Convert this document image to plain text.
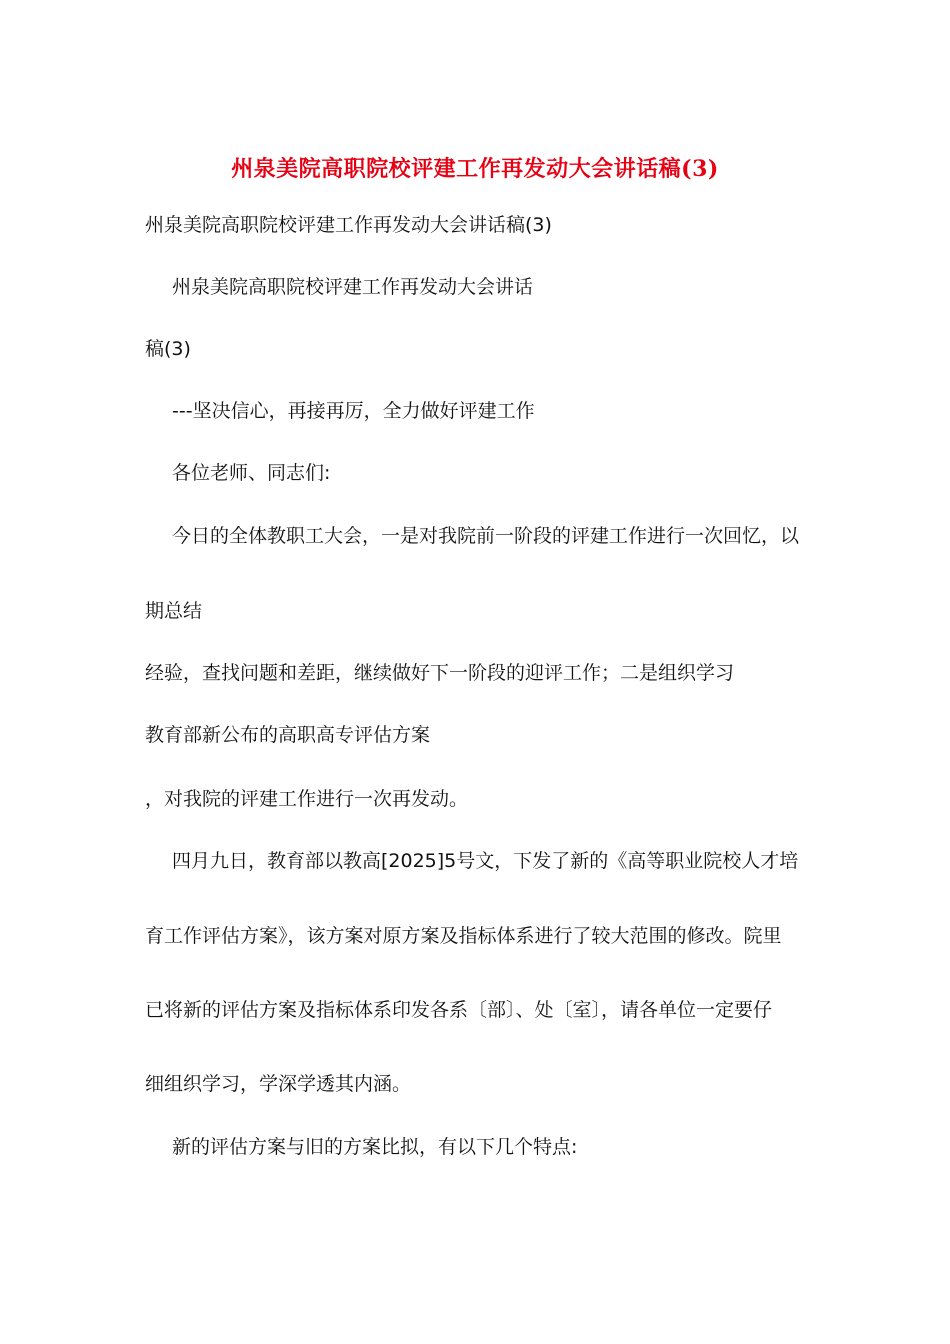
州泉美院高职院校评建工作再发动大会讲话稿(3)
州泉美院高职院校评建工作再发动大会讲话稿(3)
州泉美院高职院校评建工作再发动大会讲话
稿(3)
---坚决信心，再接再厉，全力做好评建工作
各位老师、同志们:
今日的全体教职工大会，一是对我院前一阶段的评建工作进行一次回忆，以
期总结
经验，查找问题和差距，继续做好下一阶段的迎评工作；二是组织学习
教育部新公布的高职高专评估方案
，对我院的评建工作进行一次再发动。
四月九日，教育部以教高[2025]5号文，下发了新的《高等职业院校人才培
育工作评估方案》，该方案对原方案及指标体系进行了较大范围的修改。院里
已将新的评估方案及指标体系印发各系〔部〕、处〔室〕，请各单位一定要仔
细组织学习，学深学透其内涵。
新的评估方案与旧的方案比拟，有以下几个特点:
